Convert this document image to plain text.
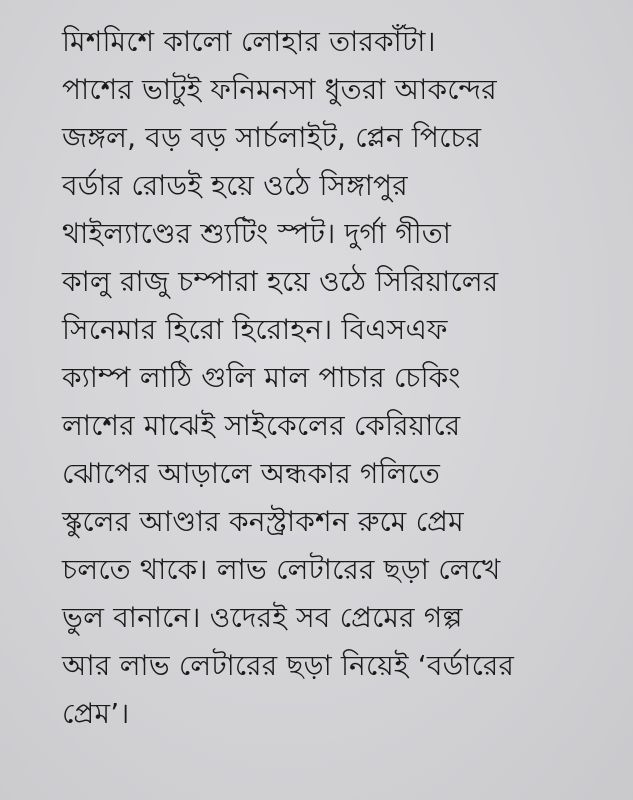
মিশমিশে কালো লোহার তারকাঁটা।
পাশের ভাটুই ফনিমনসা ধুতরা আকন্দের
জঙ্গল, বড় বড় সার্চলাইট, প্লেন পিচের
বর্ডার রোডই হয়ে ওঠে সিঙ্গাপুর
থাইল্যাণ্ডের শ্যুটিং স্পট। দুর্গা গীতা
কালু রাজু চম্পারা হয়ে ওঠে সিরিয়ালের
সিনেমার হিরো হিরোহন। বিএসএফ
ক্যাম্প লাঠি গুলি মাল পাচার চেকিং
লাশের মাঝেই সাইকেলের কেরিয়ারে
ঝোপের আড়ালে অন্ধকার গলিতে
স্কুলের আণ্ডার কনস্ট্রাকশন রুমে প্রেম
চলতে থাকে। লাভ লেটারের ছড়া লেখে
ভুল বানানে। ওদেরই সব প্রেমের গল্প
আর লাভ লেটারের ছড়া নিয়েই ‘বর্ডারের
প্রেম’।
